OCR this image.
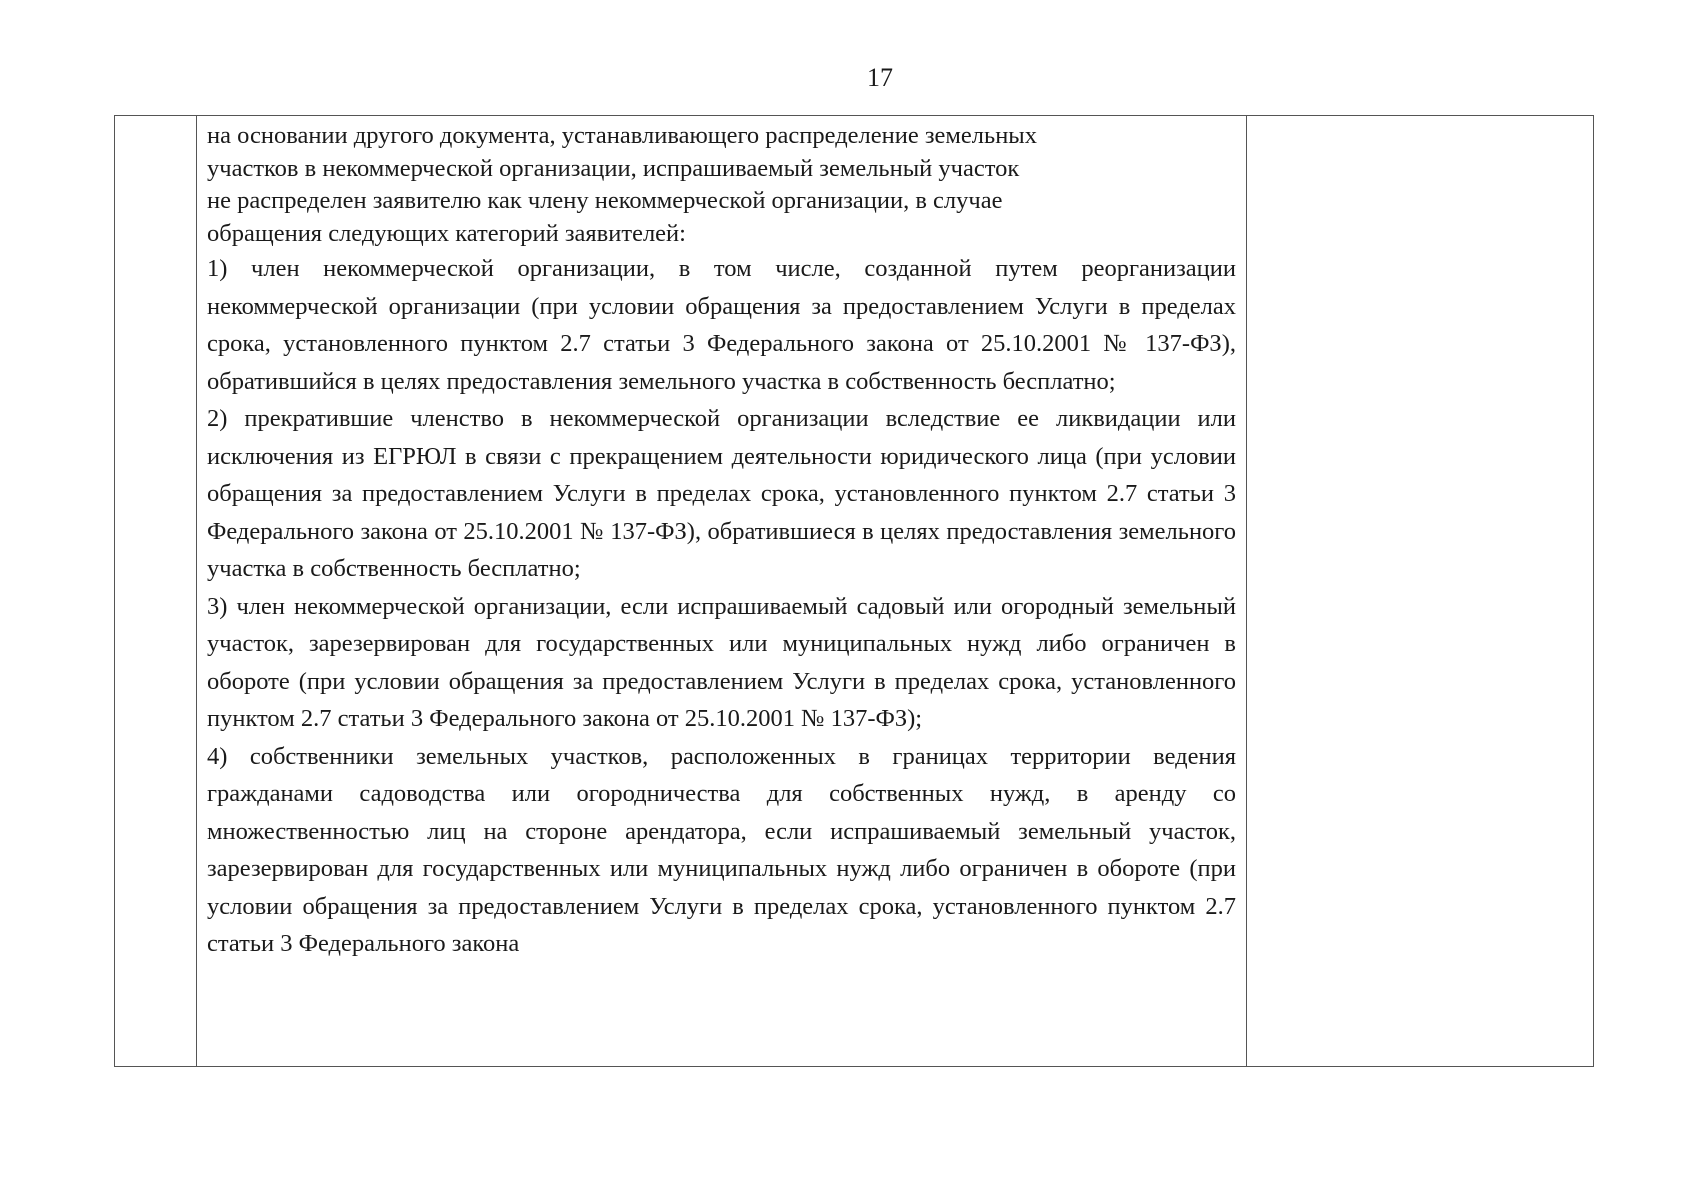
17

на основании другого документа, устанавливающего распределение земельных
участков в некоммерческой организации, испрашиваемый земельный участок
не распределен заявителю как члену некоммерческой организации, в случае
обращения следующих категорий заявителей:

1) член некоммерческой организации, в том числе, созданной путем реорганизации некоммерческой организации (при условии обращения за предоставлением Услуги в пределах срока, установленного пунктом 2.7 статьи 3 Федерального закона от 25.10.2001 № 137-ФЗ), обратившийся в целях предоставления земельного участка в собственность бесплатно;

2) прекратившие членство в некоммерческой организации вследствие ее ликвидации или исключения из ЕГРЮЛ в связи с прекращением деятельности юридического лица (при условии обращения за предоставлением Услуги в пределах срока, установленного пунктом 2.7 статьи 3 Федерального закона от 25.10.2001 № 137-ФЗ), обратившиеся в целях предоставления земельного участка в собственность бесплатно;

3) член некоммерческой организации, если испрашиваемый садовый или огородный земельный участок, зарезервирован для государственных или муниципальных нужд либо ограничен в обороте (при условии обращения за предоставлением Услуги в пределах срока, установленного пунктом 2.7 статьи 3 Федерального закона от 25.10.2001 № 137-ФЗ);

4) собственники земельных участков, расположенных в границах территории ведения гражданами садоводства или огородничества для собственных нужд, в аренду со множественностью лиц на стороне арендатора, если испрашиваемый земельный участок, зарезервирован для государственных или муниципальных нужд либо ограничен в обороте (при условии обращения за предоставлением Услуги в пределах срока, установленного пунктом 2.7 статьи 3 Федерального закона
